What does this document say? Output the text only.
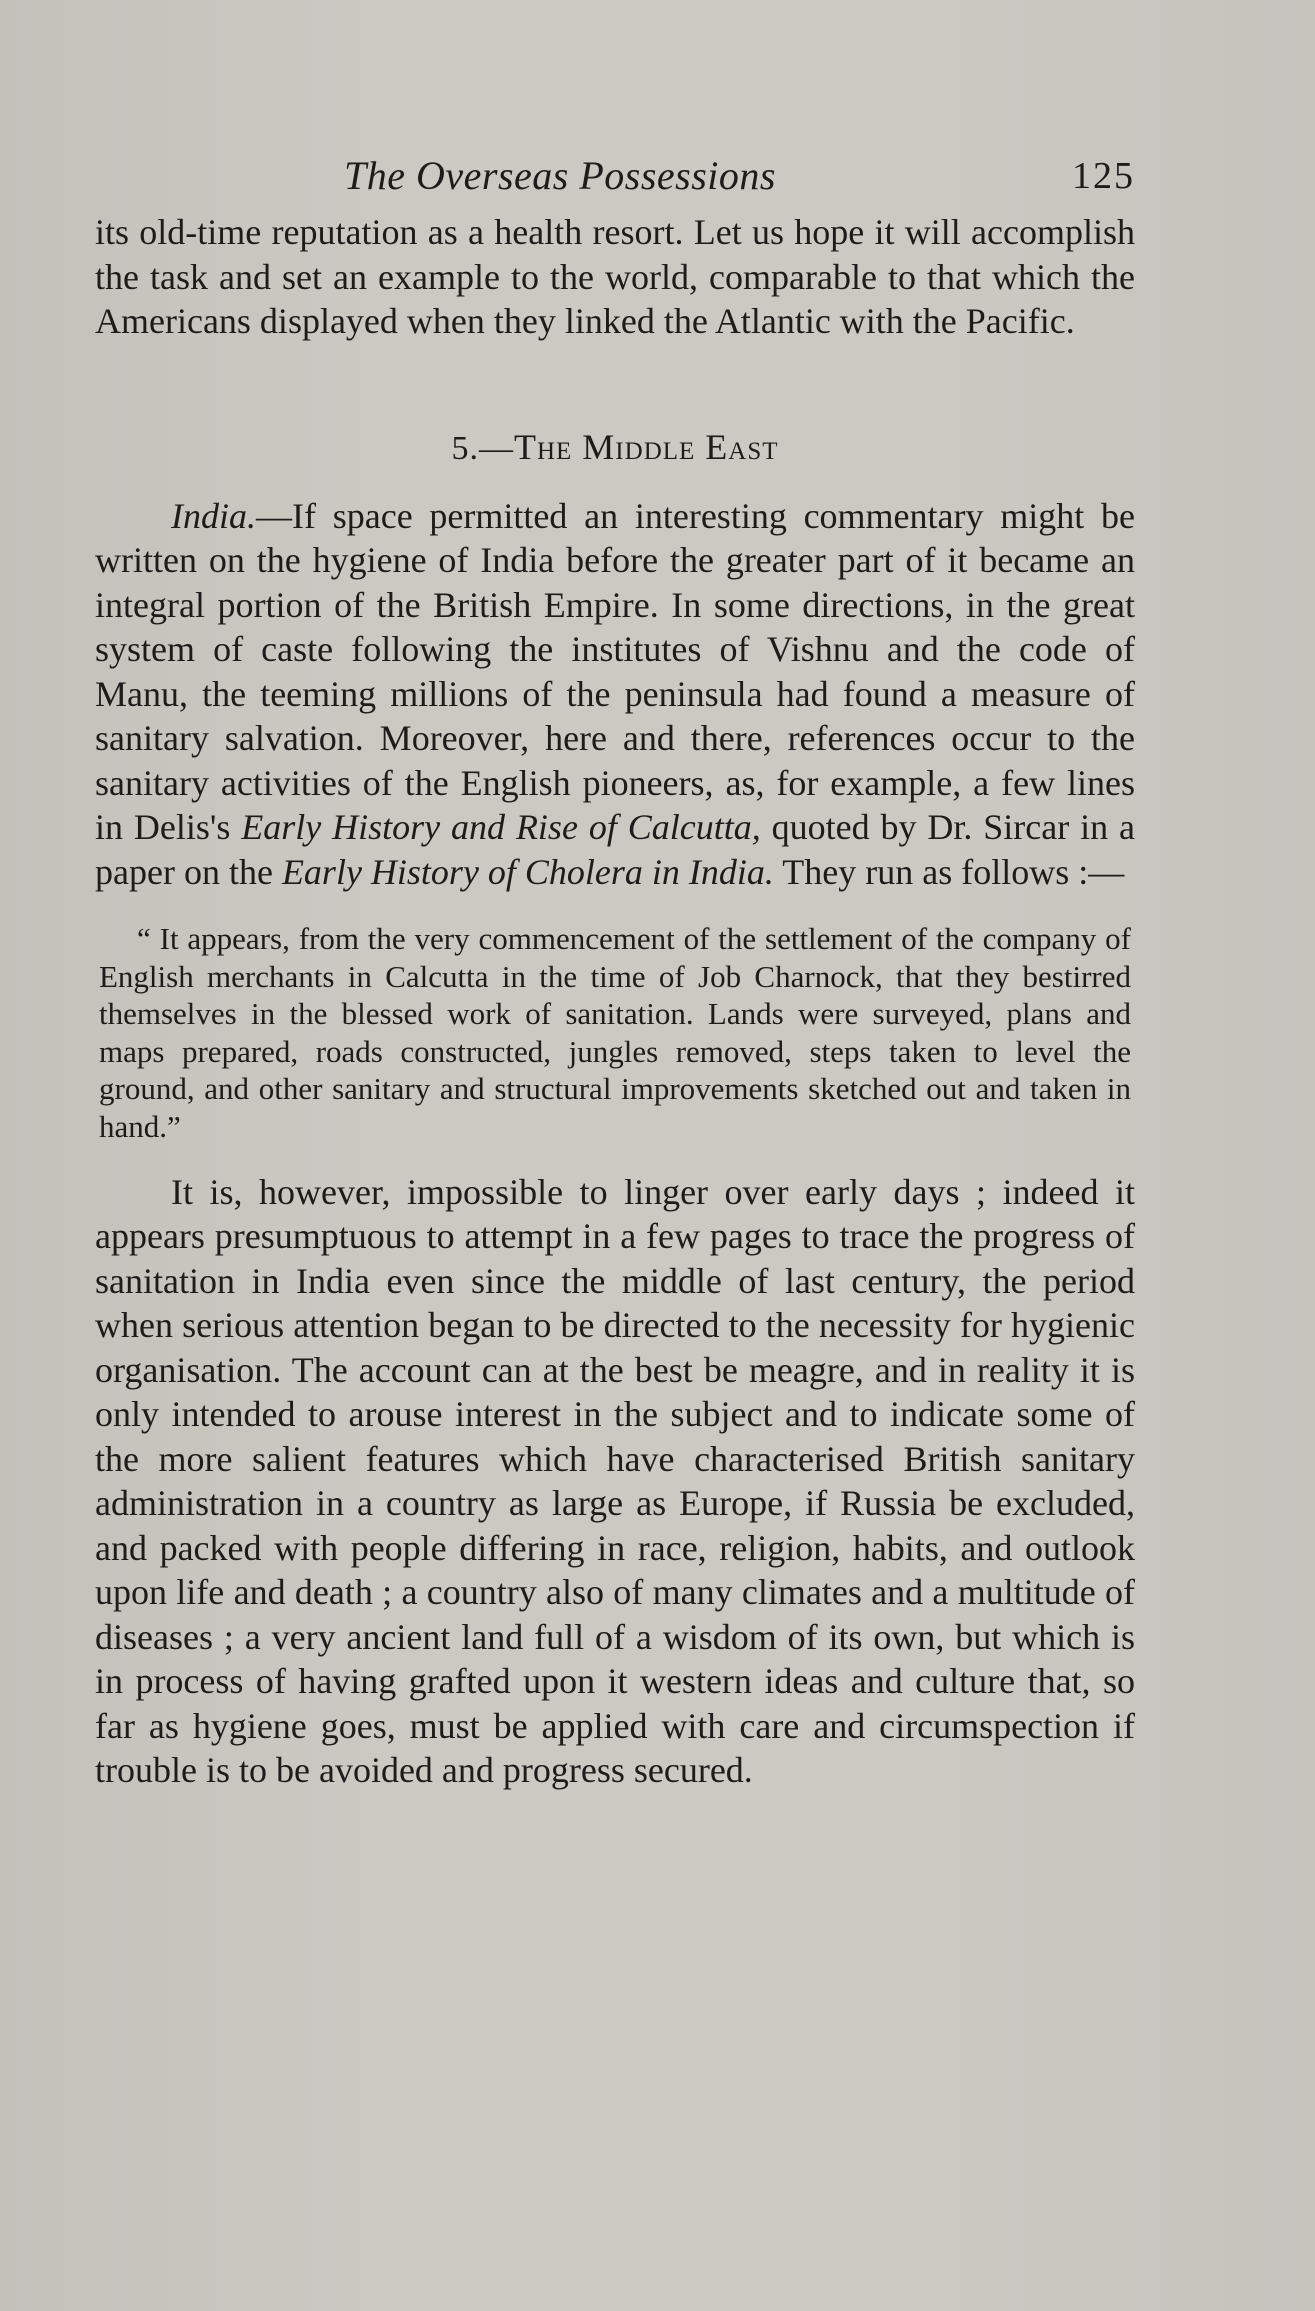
The Overseas Possessions	125

its old-time reputation as a health resort. Let us hope it will accomplish the task and set an example to the world, comparable to that which the Americans displayed when they linked the Atlantic with the Pacific.

5.—The Middle East

India.—If space permitted an interesting commentary might be written on the hygiene of India before the greater part of it became an integral portion of the British Empire. In some directions, in the great system of caste following the institutes of Vishnu and the code of Manu, the teeming millions of the peninsula had found a measure of sanitary salvation. Moreover, here and there, references occur to the sanitary activities of the English pioneers, as, for example, a few lines in Delis's Early History and Rise of Calcutta, quoted by Dr. Sircar in a paper on the Early History of Cholera in India. They run as follows :—

“ It appears, from the very commencement of the settlement of the company of English merchants in Calcutta in the time of Job Charnock, that they bestirred themselves in the blessed work of sanitation. Lands were surveyed, plans and maps prepared, roads constructed, jungles removed, steps taken to level the ground, and other sanitary and structural improvements sketched out and taken in hand.”

It is, however, impossible to linger over early days ; indeed it appears presumptuous to attempt in a few pages to trace the progress of sanitation in India even since the middle of last century, the period when serious attention began to be directed to the necessity for hygienic organisation. The account can at the best be meagre, and in reality it is only intended to arouse interest in the subject and to indicate some of the more salient features which have characterised British sanitary administration in a country as large as Europe, if Russia be excluded, and packed with people differing in race, religion, habits, and outlook upon life and death ; a country also of many climates and a multitude of diseases ; a very ancient land full of a wisdom of its own, but which is in process of having grafted upon it western ideas and culture that, so far as hygiene goes, must be applied with care and circumspection if trouble is to be avoided and progress secured.
